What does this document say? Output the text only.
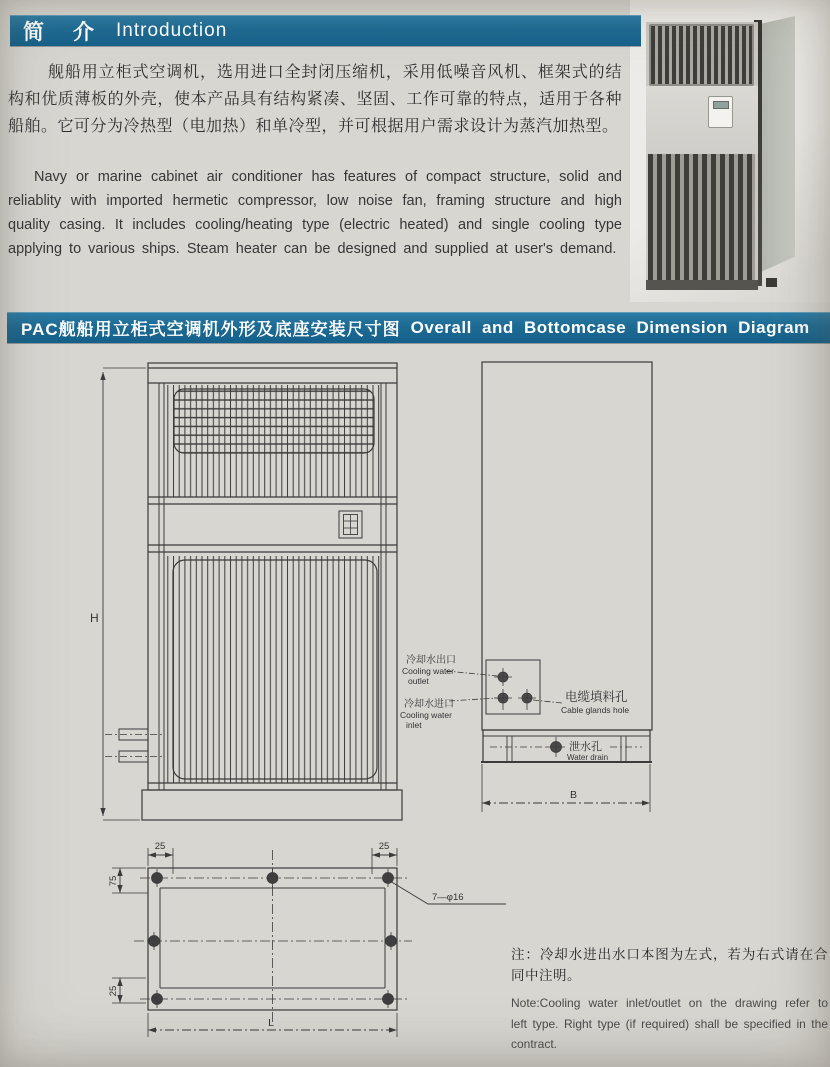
简　介 Introduction

舰船用立柜式空调机，选用进口全封闭压缩机，采用低噪音风机、框架式的结构和优质薄板的外壳，使本产品具有结构紧凑、坚固、工作可靠的特点，适用于各种船舶。它可分为冷热型（电加热）和单冷型，并可根据用户需求设计为蒸汽加热型。

Navy or marine cabinet air conditioner has features of compact structure, solid and reliablity with imported hermetic compressor, low noise fan, framing structure and high quality casing. It includes cooling/heating type (electric heated) and single cooling type applying to various ships. Steam heater can be designed and supplied at user's demand.

PAC舰船用立柜式空调机外形及底座安装尺寸图 Overall and Bottomcase Dimension Diagram
H
冷却水出口
Cooling water
outlet
冷却水进口
Cooling water
inlet
电缆填料孔
Cable glands hole
泄水孔
Water drain
B
25	25
75
25
L
7—φ16

注：冷却水进出水口本图为左式，若为右式请在合同中注明。

Note:Cooling water inlet/outlet on the drawing refer to left type. Right type (if required) shall be specified in the contract.
